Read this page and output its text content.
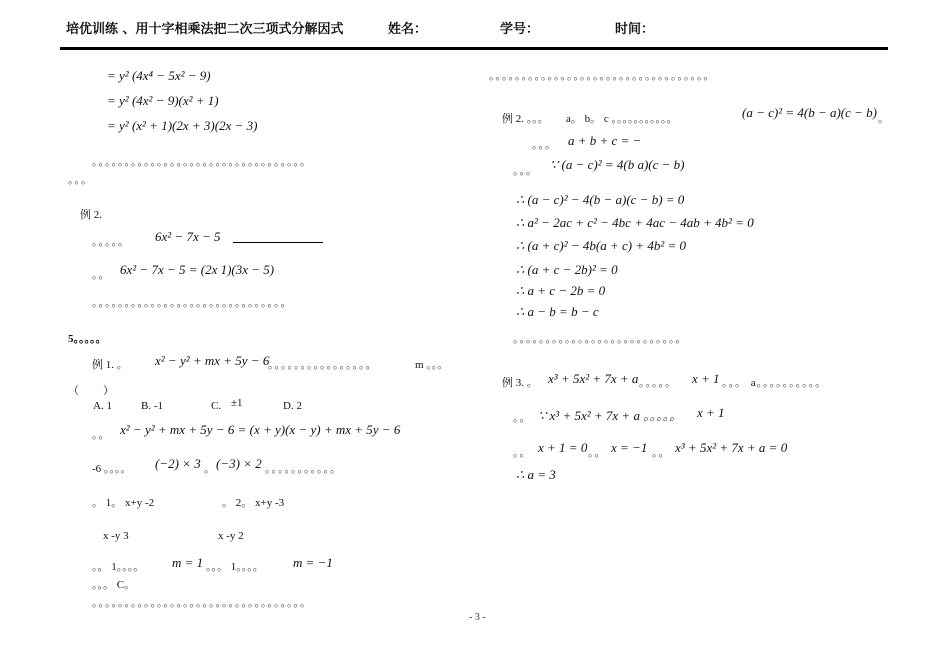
培优训练 、用十字相乘法把二次三项式分解因式	姓名：	学号：	时间：
= y² (4x⁴ − 5x² − 9)
= y² (4x² − 9)(x² + 1)
= y² (x² + 1)(2x + 3)(2x − 3)
。。。。。。。。。。。。。。。。。。。。。。。。。。。。。。。。。
。。。
例 2.
。。。。。 6x² − 7x − 5
。。 6x² − 7x − 5 = (2x 1)(3x − 5)
。。。。。。。。。。。。。。。。。。。。。。。。。。。。。。
5。。。。。
例 1. 。 x² − y² + mx + 5y − 6
。。。。。。。。。。。。。。。。	m 。。。
（ ）
A. 1	B. -1	C. ±1	D. 2
。。 x² − y² + mx + 5y − 6 = (x + y)(x − y) + mx + 5y − 6
-6 。。。。 (−2) × 3 。 (−3) × 2 。。。。。。。。。。。
。 1。 x+y -2	。 2。 x+y -3
x -y 3	x -y 2
。。 1。。。。 m = 1 。。。 1。。。。 m = −1
。。。 C。
。。。。。。。。。。。。。。。。。。。。。。。。。。。。。。。。。
。。。。。。。。。。。。。。。。。。。。。。。。。。。。。。。。。。
例 2. 。。。 a。 b。 c 。。。。。。。。。。。	(a − c)² = 4(b − a)(c − b) 。
。。。 a + b + c = −
。。。 ∵ (a − c)² = 4(b a)(c − b)
∴ (a − c)² − 4(b − a)(c − b) = 0
∴ a² − 2ac + c² − 4bc + 4ac − 4ab + 4b² = 0
∴ (a + c)² − 4b(a + c) + 4b² = 0
∴ (a + c − 2b)² = 0
∴ a + c − 2b = 0
∴ a − b = b − c
。。。。。。。。。。。。。。。。。。。。。。。。。。
例 3. 。 x³ + 5x² + 7x + a 。。。。。 x + 1 。。。 a。。。。。。。。。。
。。 ∵ x³ + 5x² + 7x + a 。。。。。 x + 1
。。 x + 1 = 0 。。 x = −1 。。 x³ + 5x² + 7x + a = 0
∴ a = 3
- 3 -
